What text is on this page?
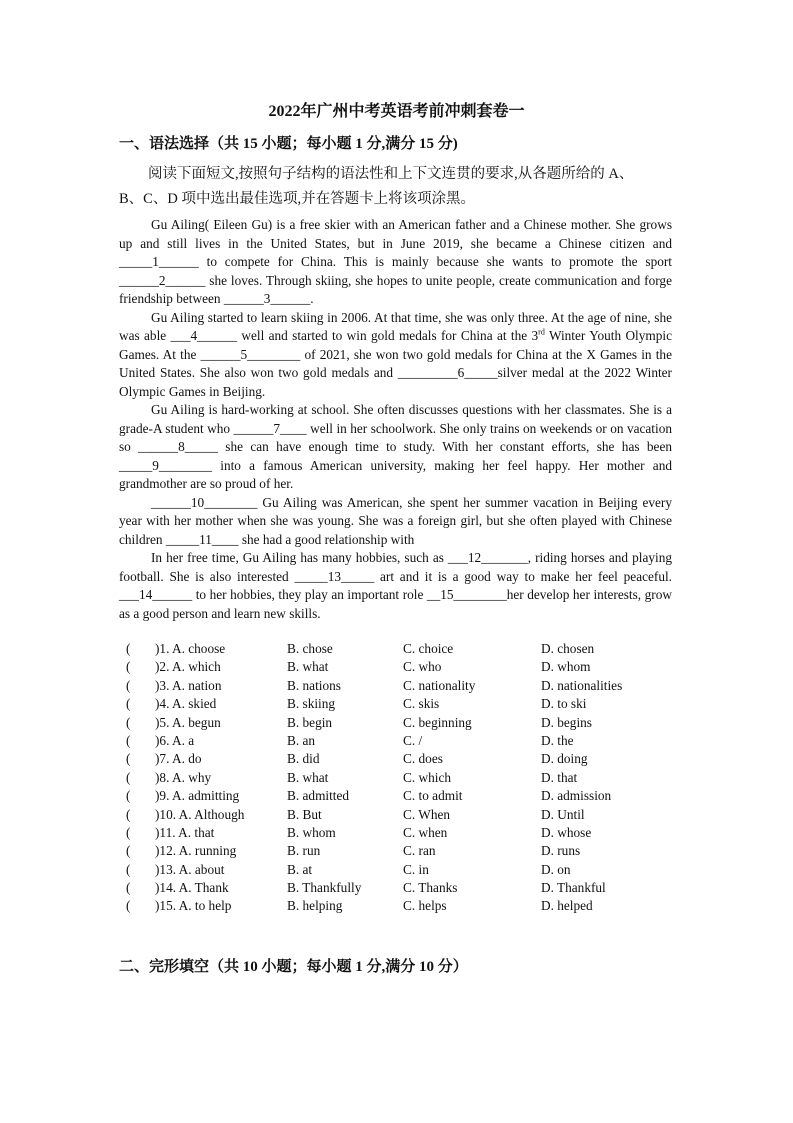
2022年广州中考英语考前冲刺套卷一
一、语法选择（共 15 小题；每小题 1 分,满分 15 分)
阅读下面短文,按照句子结构的语法性和上下文连贯的要求,从各题所给的 A、
B、C、D 项中选出最佳选项,并在答题卡上将该项涂黑。

Gu Ailing( Eileen Gu) is a free skier with an American father and a Chinese mother. She grows up and still lives in the United States, but in June 2019, she became a Chinese citizen and _____1______ to compete for China. This is mainly because she wants to promote the sport ______2______ she loves. Through skiing, she hopes to unite people, create communication and forge friendship between ______3______.

Gu Ailing started to learn skiing in 2006. At that time, she was only three. At the age of nine, she was able ___4______ well and started to win gold medals for China at the 3rd Winter Youth Olympic Games. At the ______5________ of 2021, she won two gold medals for China at the X Games in the United States. She also won two gold medals and _________6_____silver medal at the 2022 Winter Olympic Games in Beijing.

Gu Ailing is hard-working at school. She often discusses questions with her classmates. She is a grade-A student who ______7____ well in her schoolwork. She only trains on weekends or on vacation so ______8_____ she can have enough time to study. With her constant efforts, she has been _____9________ into a famous American university, making her feel happy. Her mother and grandmother are so proud of her.

______10________ Gu Ailing was American, she spent her summer vacation in Beijing every year with her mother when she was young. She was a foreign girl, but she often played with Chinese children _____11____ she had a good relationship with

In her free time, Gu Ailing has many hobbies, such as ___12_______, riding horses and playing football. She is also interested _____13_____ art and it is a good way to make her feel peaceful. ___14______ to her hobbies, they play an important role __15________her develop her interests, grow as a good person and learn new skills.

( )1. A. choose	B. chose	C. choice	D. chosen
( )2. A. which	B. what	C. who	D. whom
( )3. A. nation	B. nations	C. nationality	D. nationalities
( )4. A. skied	B. skiing	C. skis	D. to ski
( )5. A. begun	B. begin	C. beginning	D. begins
( )6. A. a	B. an	C. /	D. the
( )7. A. do	B. did	C. does	D. doing
( )8. A. why	B. what	C. which	D. that
( )9. A. admitting	B. admitted	C. to admit	D. admission
( )10. A. Although	B. But	C. When	D. Until
( )11. A. that	B. whom	C. when	D. whose
( )12. A. running	B. run	C. ran	D. runs
( )13. A. about	B. at	C. in	D. on
( )14. A. Thank	B. Thankfully	C. Thanks	D. Thankful
( )15. A. to help	B. helping	C. helps	D. helped
二、完形填空（共 10 小题；每小题 1 分,满分 10 分）
